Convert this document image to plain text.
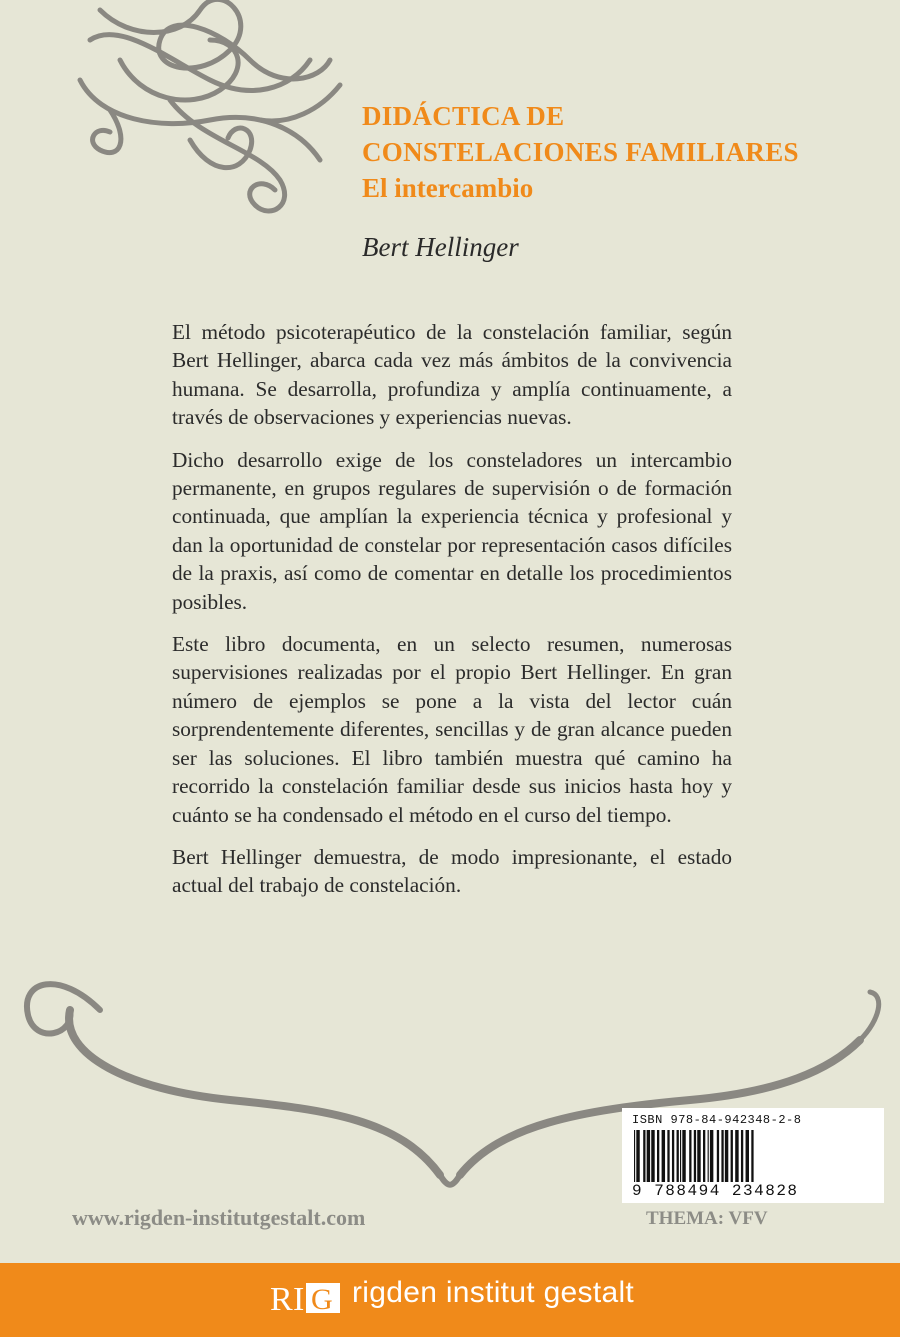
DIDÁCTICA DE
CONSTELACIONES FAMILIARES
El intercambio
Bert Hellinger

El método psicoterapéutico de la constelación familiar, según Bert Hellinger, abarca cada vez más ámbitos de la convivencia humana. Se desarrolla, profundiza y amplía continuamente, a través de observaciones y experiencias nuevas.

Dicho desarrollo exige de los consteladores un intercambio permanente, en grupos regulares de supervisión o de formación continuada, que amplían la experiencia técnica y profesional y dan la oportunidad de constelar por representación casos difíciles de la praxis, así como de comentar en detalle los procedimientos posibles.

Este libro documenta, en un selecto resumen, numerosas supervisiones realizadas por el propio Bert Hellinger. En gran número de ejemplos se pone a la vista del lector cuán sorprendentemente diferentes, sencillas y de gran alcance pueden ser las soluciones. El libro también muestra qué camino ha recorrido la constelación familiar desde sus inicios hasta hoy y cuánto se ha condensado el método en el curso del tiempo.

Bert Hellinger demuestra, de modo impresionante, el estado actual del trabajo de constelación.

ISBN 978-84-942348-2-8
9 788494 234828
www.rigden-institutgestalt.com	THEMA: VFV
R I G rigden institut gestalt
